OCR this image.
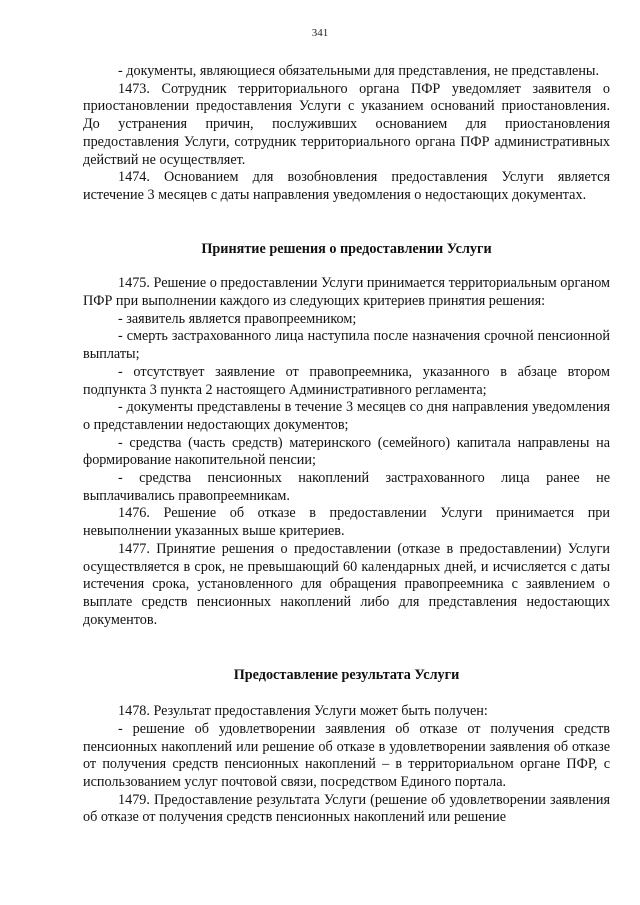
341

- документы, являющиеся обязательными для представления, не представлены.

1473. Сотрудник территориального органа ПФР уведомляет заявителя о приостановлении предоставления Услуги с указанием оснований приостановления. До устранения причин, послуживших основанием для приостановления предоставления Услуги, сотрудник территориального органа ПФР административных действий не осуществляет.

1474. Основанием для возобновления предоставления Услуги является истечение 3 месяцев с даты направления уведомления о недостающих документах.

Принятие решения о предоставлении Услуги

1475. Решение о предоставлении Услуги принимается территориальным органом ПФР при выполнении каждого из следующих критериев принятия решения:

- заявитель является правопреемником;

- смерть застрахованного лица наступила после назначения срочной пенсионной выплаты;

- отсутствует заявление от правопреемника, указанного в абзаце втором подпункта 3 пункта 2 настоящего Административного регламента;

- документы представлены в течение 3 месяцев со дня направления уведомления о представлении недостающих документов;

- средства (часть средств) материнского (семейного) капитала направлены на формирование накопительной пенсии;

- средства пенсионных накоплений застрахованного лица ранее не выплачивались правопреемникам.

1476. Решение об отказе в предоставлении Услуги принимается при невыполнении указанных выше критериев.

1477. Принятие решения о предоставлении (отказе в предоставлении) Услуги осуществляется в срок, не превышающий 60 календарных дней, и исчисляется с даты истечения срока, установленного для обращения правопреемника с заявлением о выплате средств пенсионных накоплений либо для представления недостающих документов.

Предоставление результата Услуги

1478. Результат предоставления Услуги может быть получен:

- решение об удовлетворении заявления об отказе от получения средств пенсионных накоплений или решение об отказе в удовлетворении заявления об отказе от получения средств пенсионных накоплений – в территориальном органе ПФР, с использованием услуг почтовой связи, посредством Единого портала.

1479. Предоставление результата Услуги (решение об удовлетворении заявления об отказе от получения средств пенсионных накоплений или решение
